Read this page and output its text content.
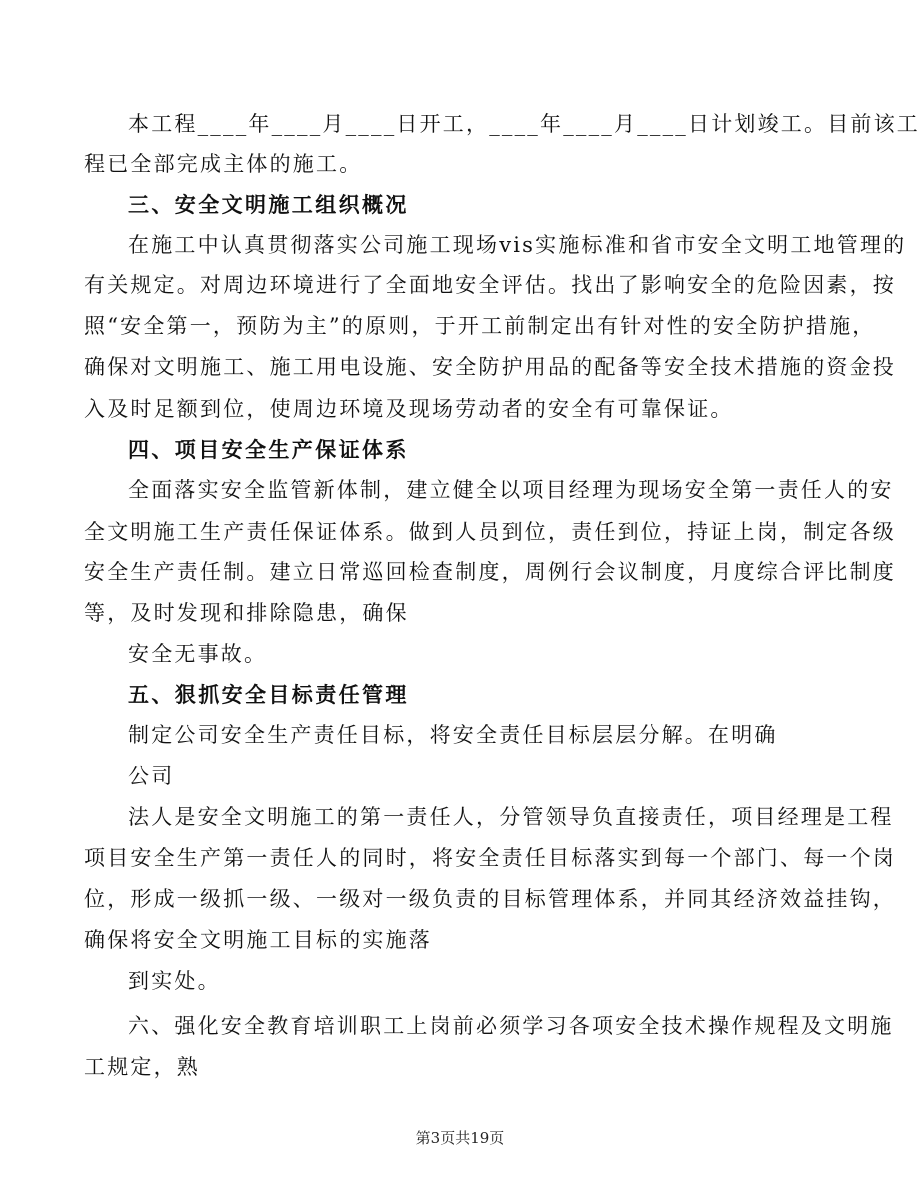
本工程____年____月____日开工，____年____月____日计划竣工。目前该工
程已全部完成主体的施工。
三、安全文明施工组织概况
在施工中认真贯彻落实公司施工现场vis实施标准和省市安全文明工地管理的
有关规定。对周边环境进行了全面地安全评估。找出了影响安全的危险因素，按
照“安全第一，预防为主”的原则，于开工前制定出有针对性的安全防护措施，
确保对文明施工、施工用电设施、安全防护用品的配备等安全技术措施的资金投
入及时足额到位，使周边环境及现场劳动者的安全有可靠保证。
四、项目安全生产保证体系
全面落实安全监管新体制，建立健全以项目经理为现场安全第一责任人的安
全文明施工生产责任保证体系。做到人员到位，责任到位，持证上岗，制定各级
安全生产责任制。建立日常巡回检查制度，周例行会议制度，月度综合评比制度
等，及时发现和排除隐患，确保
安全无事故。
五、狠抓安全目标责任管理
制定公司安全生产责任目标，将安全责任目标层层分解。在明确
公司
法人是安全文明施工的第一责任人，分管领导负直接责任，项目经理是工程
项目安全生产第一责任人的同时，将安全责任目标落实到每一个部门、每一个岗
位，形成一级抓一级、一级对一级负责的目标管理体系，并同其经济效益挂钩，
确保将安全文明施工目标的实施落
到实处。
六、强化安全教育培训职工上岗前必须学习各项安全技术操作规程及文明施
工规定，熟
第3页共19页
